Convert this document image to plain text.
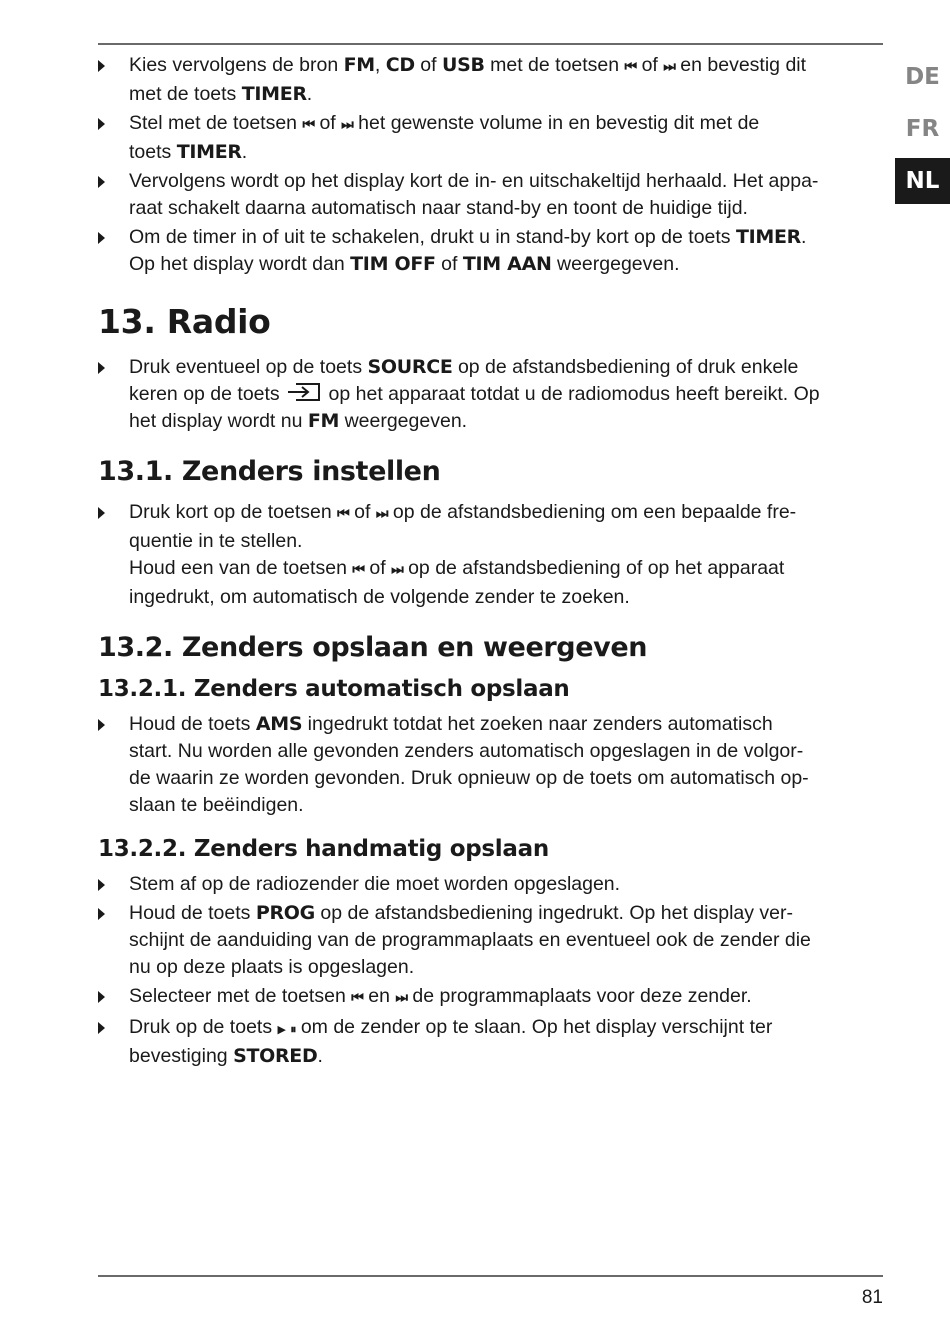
DE
FR
NL
Kies vervolgens de bron FM, CD of USB met de toetsen ⏮ of ⏭ en bevestig dit
met de toets TIMER.
Stel met de toetsen ⏮ of ⏭ het gewenste volume in en bevestig dit met de
toets TIMER.
Vervolgens wordt op het display kort de in- en uitschakeltijd herhaald. Het appa-
raat schakelt daarna automatisch naar stand-by en toont de huidige tijd.
Om de timer in of uit te schakelen, drukt u in stand-by kort op de toets TIMER.
Op het display wordt dan TIM OFF of TIM AAN weergegeven.
13. Radio
Druk eventueel op de toets SOURCE op de afstandsbediening of druk enkele
keren op de toets  op het apparaat totdat u de radiomodus heeft bereikt. Op
het display wordt nu FM weergegeven.
13.1. Zenders instellen
Druk kort op de toetsen ⏮ of ⏭ op de afstandsbediening om een bepaalde fre-
quentie in te stellen.
Houd een van de toetsen ⏮ of ⏭ op de afstandsbediening of op het apparaat
ingedrukt, om automatisch de volgende zender te zoeken.
13.2. Zenders opslaan en weergeven
13.2.1. Zenders automatisch opslaan
Houd de toets AMS ingedrukt totdat het zoeken naar zenders automatisch
start. Nu worden alle gevonden zenders automatisch opgeslagen in de volgor-
de waarin ze worden gevonden. Druk opnieuw op de toets om automatisch op-
slaan te beëindigen.
13.2.2. Zenders handmatig opslaan
Stem af op de radiozender die moet worden opgeslagen.
Houd de toets PROG op de afstandsbediening ingedrukt. Op het display ver-
schijnt de aanduiding van de programmaplaats en eventueel ook de zender die
nu op deze plaats is opgeslagen.
Selecteer met de toetsen ⏮ en ⏭ de programmaplaats voor deze zender.
Druk op de toets ▶ ⏸ om de zender op te slaan. Op het display verschijnt ter
bevestiging STORED.
81
